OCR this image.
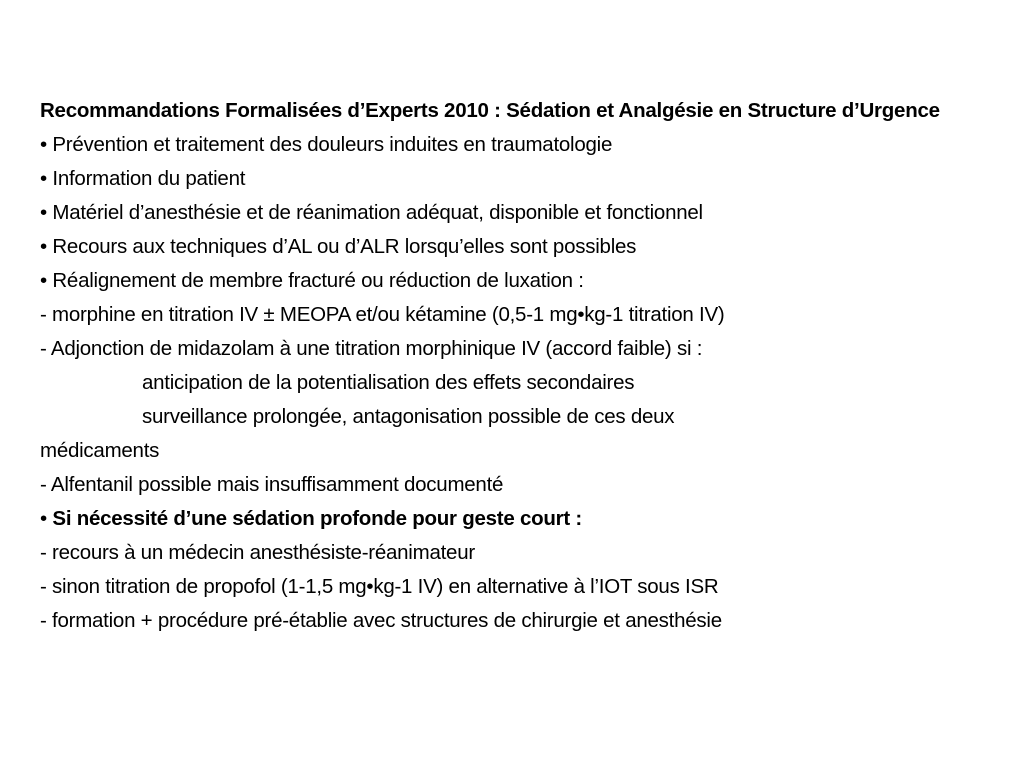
Recommandations Formalisées d’Experts 2010 : Sédation et Analgésie en Structure d’Urgence
• Prévention et traitement des douleurs induites en traumatologie
• Information du patient
• Matériel d’anesthésie et de réanimation adéquat, disponible et fonctionnel
• Recours aux techniques d’AL ou d’ALR lorsqu’elles sont possibles
• Réalignement de membre fracturé ou réduction de luxation :
- morphine en titration IV ± MEOPA et/ou kétamine (0,5-1 mg•kg-1 titration IV)
- Adjonction de midazolam à une titration morphinique IV (accord faible) si :
anticipation de la potentialisation des effets secondaires
surveillance prolongée, antagonisation possible de ces deux
médicaments
- Alfentanil possible mais insuffisamment documenté
• Si nécessité d’une sédation profonde pour geste court :
- recours à un médecin anesthésiste-réanimateur
- sinon titration de propofol (1-1,5 mg•kg-1 IV) en alternative à l’IOT sous ISR
- formation + procédure pré-établie avec structures de chirurgie et anesthésie
